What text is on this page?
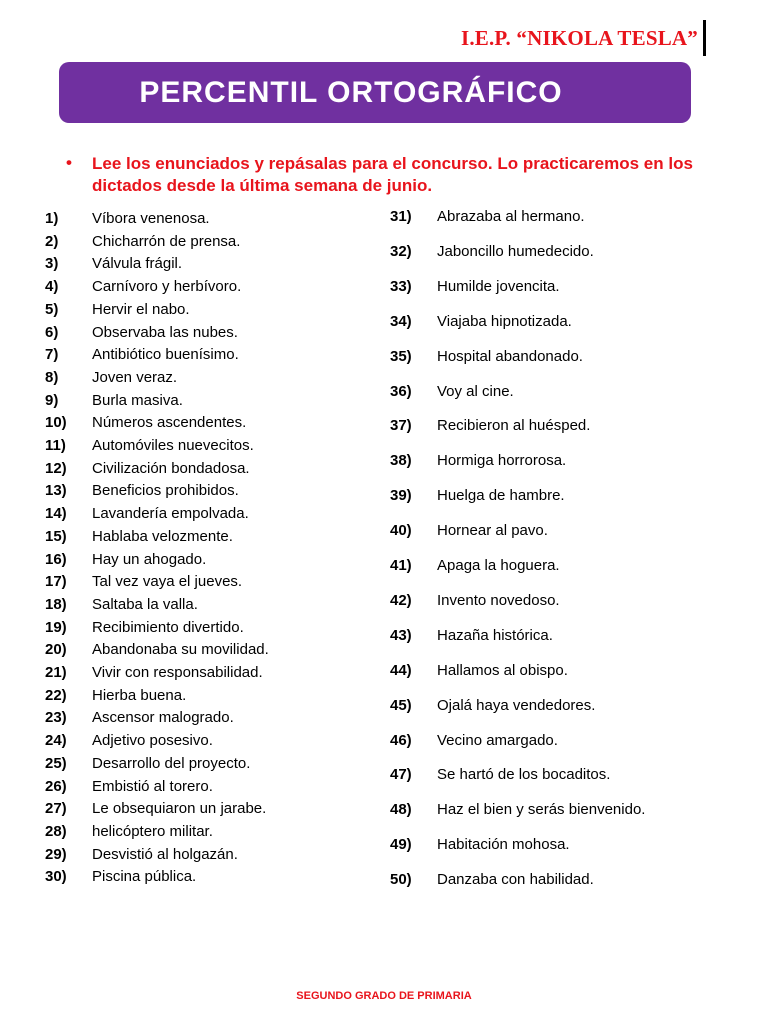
I.E.P. “NIKOLA TESLA”
PERCENTIL ORTOGRÁFICO
• Lee los enunciados y repásalas para el concurso. Lo practicaremos en los dictados desde la última semana de junio.
1) Víbora venenosa.
2) Chicharrón de prensa.
3) Válvula frágil.
4) Carnívoro y herbívoro.
5) Hervir el nabo.
6) Observaba las nubes.
7) Antibiótico buenísimo.
8) Joven veraz.
9) Burla masiva.
10) Números ascendentes.
11) Automóviles nuevecitos.
12) Civilización bondadosa.
13) Beneficios prohibidos.
14) Lavandería empolvada.
15) Hablaba velozmente.
16) Hay un ahogado.
17) Tal vez vaya el jueves.
18) Saltaba la valla.
19) Recibimiento divertido.
20) Abandonaba su movilidad.
21) Vivir con responsabilidad.
22) Hierba buena.
23) Ascensor malogrado.
24) Adjetivo posesivo.
25) Desarrollo del proyecto.
26) Embistió al torero.
27) Le obsequiaron un jarabe.
28) helicóptero militar.
29) Desvistió al holgazán.
30) Piscina pública.
31) Abrazaba al hermano.
32) Jaboncillo humedecido.
33) Humilde jovencita.
34) Viajaba hipnotizada.
35) Hospital abandonado.
36) Voy al cine.
37) Recibieron al huésped.
38) Hormiga horrorosa.
39) Huelga de hambre.
40) Hornear al pavo.
41) Apaga la hoguera.
42) Invento novedoso.
43) Hazaña histórica.
44) Hallamos al obispo.
45) Ojalá haya vendedores.
46) Vecino amargado.
47) Se hartó de los bocaditos.
48) Haz el bien y serás bienvenido.
49) Habitación mohosa.
50) Danzaba con habilidad.
SEGUNDO GRADO DE PRIMARIA
